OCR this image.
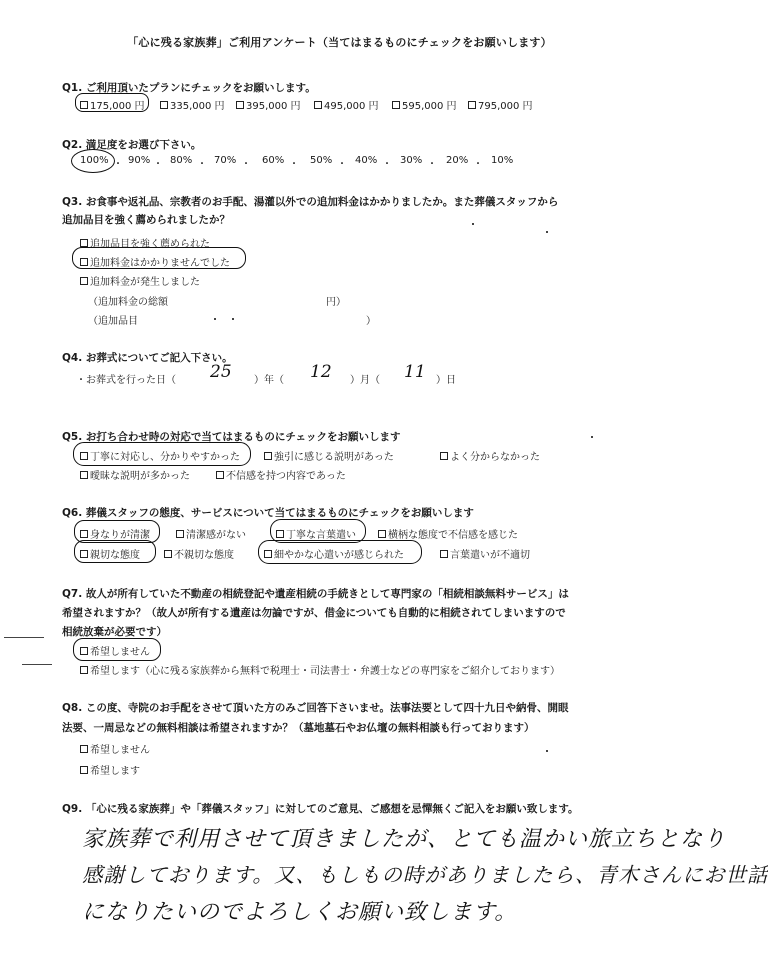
「心に残る家族葬」ご利用アンケート（当てはまるものにチェックをお願いします）
Q1. ご利用頂いたプランにチェックをお願いします。
175,000 円	335,000 円	395,000 円	495,000 円	595,000 円	795,000 円
Q2. 満足度をお選び下さい。
100% ・ 90% ・ 80% ・ 70% ・ 60% ・ 50% ・ 40% ・ 30% ・ 20% ・ 10%
Q3. お食事や返礼品、宗教者のお手配、湯灌以外での追加料金はかかりましたか。また葬儀スタッフから
追加品目を強く薦められましたか？
追加品目を強く薦められた
追加料金はかかりませんでした
追加料金が発生しました
（追加料金の総額	円）
（追加品目	）
Q4. お葬式についてご記入下さい。
・お葬式を行った日（ 25 ）年（ 12 ）月（ 11 ）日
Q5. お打ち合わせ時の対応で当てはまるものにチェックをお願いします
丁寧に対応し、分かりやすかった	強引に感じる説明があった	よく分からなかった
曖昧な説明が多かった	不信感を持つ内容であった
Q6. 葬儀スタッフの態度、サービスについて当てはまるものにチェックをお願いします
身なりが清潔	清潔感がない	丁寧な言葉遣い	横柄な態度で不信感を感じた
親切な態度	不親切な態度	細やかな心遣いが感じられた	言葉遣いが不適切
Q7. 故人が所有していた不動産の相続登記や遺産相続の手続きとして専門家の「相続相談無料サービス」は
希望されますか？（故人が所有する遺産は勿論ですが、借金についても自動的に相続されてしまいますので
相続放棄が必要です）
希望しません
希望します（心に残る家族葬から無料で税理士・司法書士・弁護士などの専門家をご紹介しております）
Q8. この度、寺院のお手配をさせて頂いた方のみご回答下さいませ。法事法要として四十九日や納骨、開眼
法要、一周忌などの無料相談は希望されますか？（墓地墓石やお仏壇の無料相談も行っております）
希望しません
希望します
Q9. 「心に残る家族葬」や「葬儀スタッフ」に対してのご意見、ご感想を忌憚無くご記入をお願い致します。
家族葬で利用させて頂きましたが、とても温かい旅立ちとなり
感謝しております。又、もしもの時がありましたら、青木さんにお世話
になりたいのでよろしくお願い致します。
